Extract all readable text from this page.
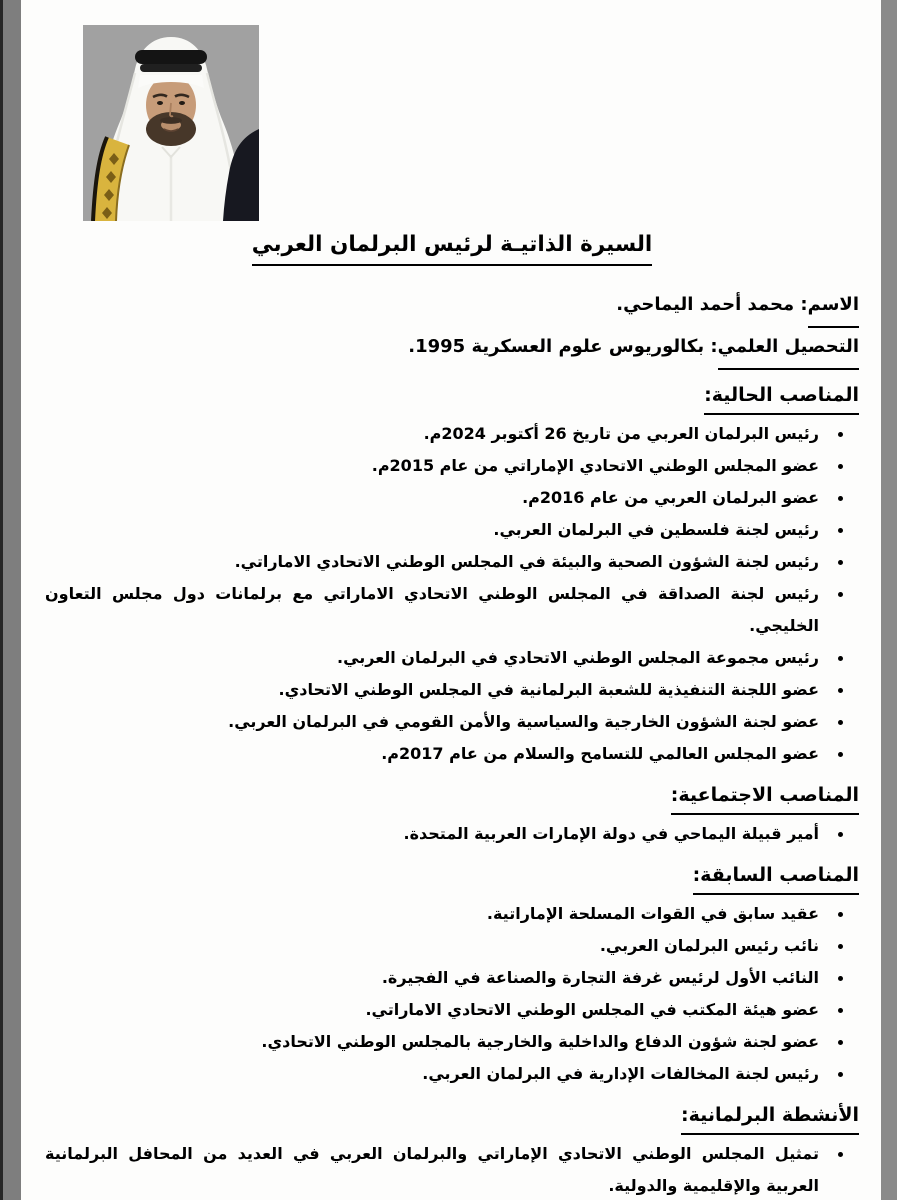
السيرة الذاتيـة لرئيس البرلمان العربي

الاسم: محمد أحمد اليماحي.

التحصيل العلمي: بكالوريوس علوم العسكرية 1995.

المناصب الحالية:
• رئيس البرلمان العربي من تاريخ 26 أكتوبر 2024م.
• عضو المجلس الوطني الاتحادي الإماراتي من عام 2015م.
• عضو البرلمان العربي من عام 2016م.
• رئيس لجنة فلسطين في البرلمان العربي.
• رئيس لجنة الشؤون الصحية والبيئة في المجلس الوطني الاتحادي الاماراتي.
• رئيس لجنة الصداقة في المجلس الوطني الاتحادي الاماراتي مع برلمانات دول مجلس التعاون الخليجي.
• رئيس مجموعة المجلس الوطني الاتحادي في البرلمان العربي.
• عضو اللجنة التنفيذية للشعبة البرلمانية في المجلس الوطني الاتحادي.
• عضو لجنة الشؤون الخارجية والسياسية والأمن القومي في البرلمان العربي.
• عضو المجلس العالمي للتسامح والسلام من عام 2017م.
المناصب الاجتماعية:
• أمير قبيلة اليماحي في دولة الإمارات العربية المتحدة.
المناصب السابقة:
• عقيد سابق في القوات المسلحة الإماراتية.
• نائب رئيس البرلمان العربي.
• النائب الأول لرئيس غرفة التجارة والصناعة في الفجيرة.
• عضو هيئة المكتب في المجلس الوطني الاتحادي الاماراتي.
• عضو لجنة شؤون الدفاع والداخلية والخارجية بالمجلس الوطني الاتحادي.
• رئيس لجنة المخالفات الإدارية في البرلمان العربي.
الأنشطة البرلمانية:
• تمثيل المجلس الوطني الاتحادي الإماراتي والبرلمان العربي في العديد من المحافل البرلمانية العربية والإقليمية والدولية.
